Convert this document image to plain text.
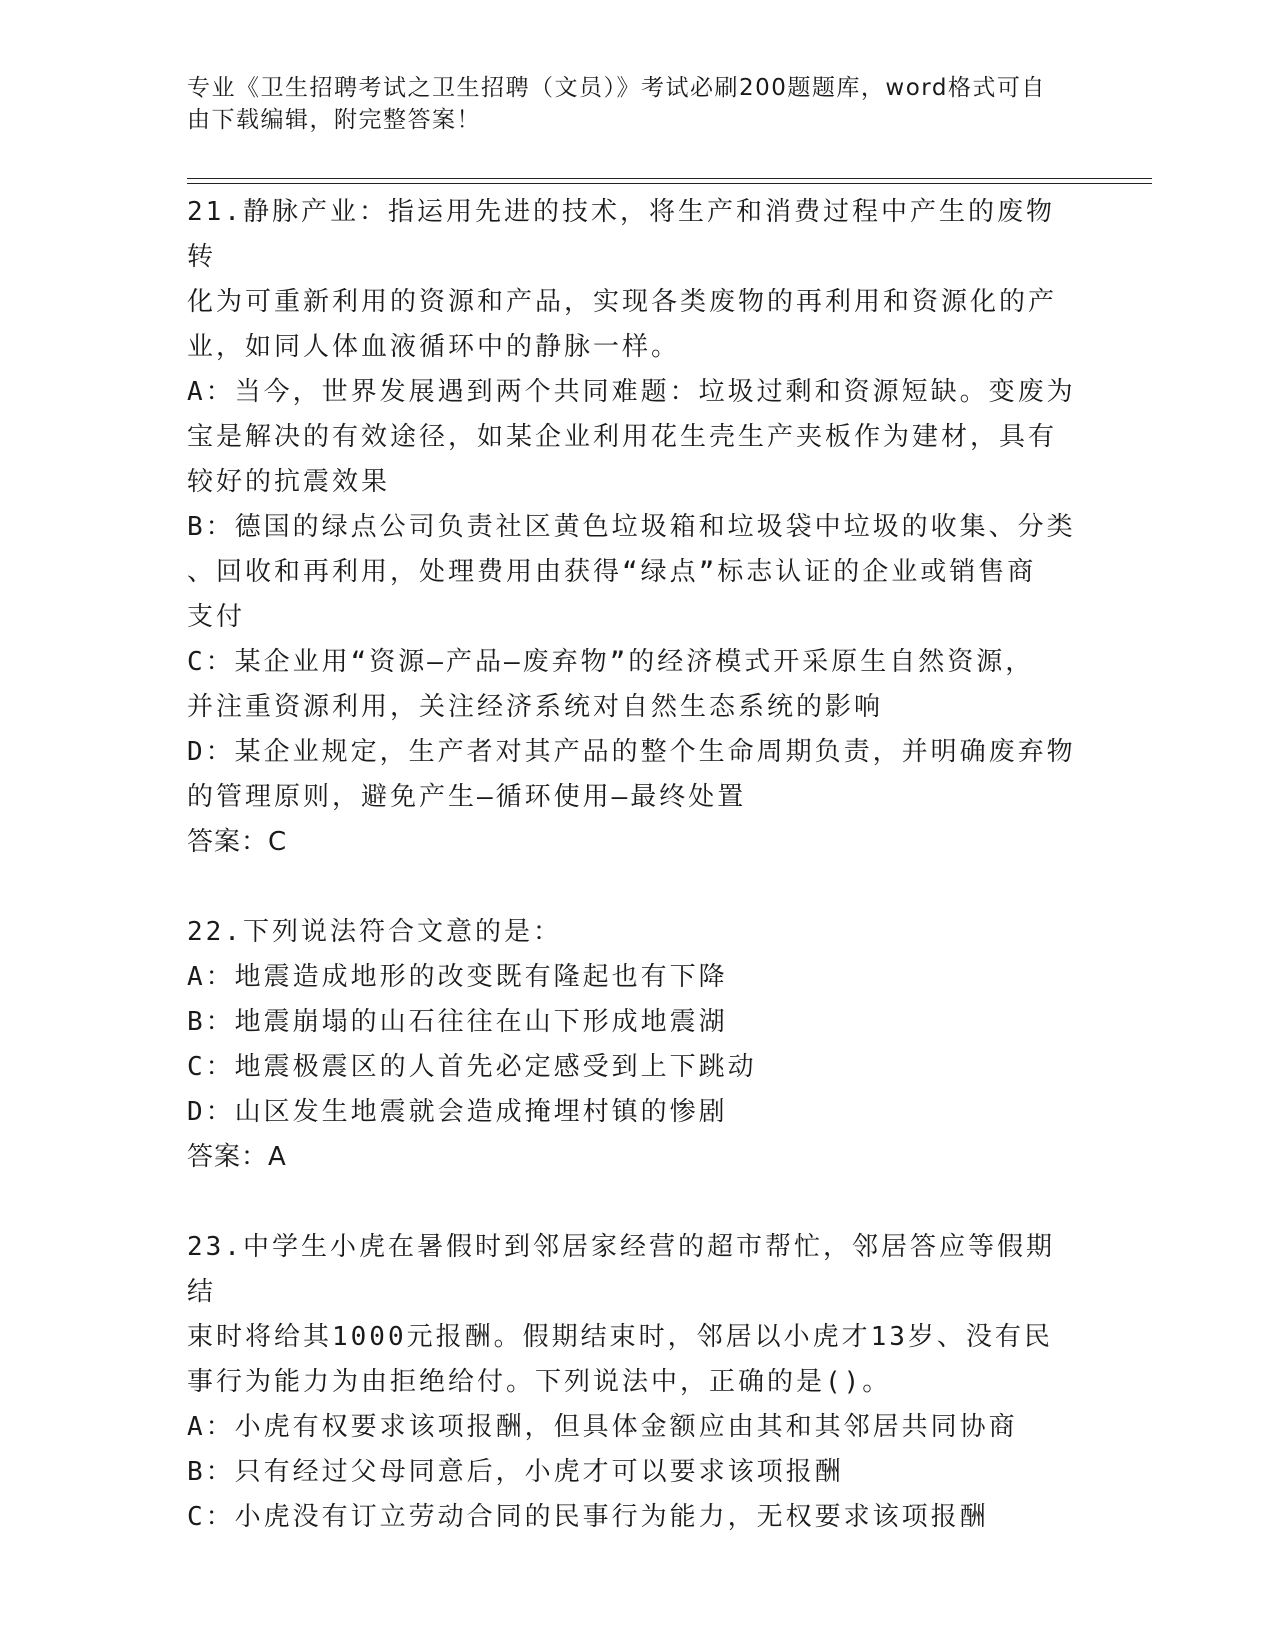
专业《卫生招聘考试之卫生招聘（文员）》考试必刷200题题库，word格式可自
由下载编辑，附完整答案！
21.静脉产业：指运用先进的技术，将生产和消费过程中产生的废物转
化为可重新利用的资源和产品，实现各类废物的再利用和资源化的产
业，如同人体血液循环中的静脉一样。
A：当今，世界发展遇到两个共同难题：垃圾过剩和资源短缺。变废为
宝是解决的有效途径，如某企业利用花生壳生产夹板作为建材，具有
较好的抗震效果
B：德国的绿点公司负责社区黄色垃圾箱和垃圾袋中垃圾的收集、分类
、回收和再利用，处理费用由获得“绿点”标志认证的企业或销售商
支付
C：某企业用“资源—产品—废弃物”的经济模式开采原生自然资源，
并注重资源利用，关注经济系统对自然生态系统的影响
D：某企业规定，生产者对其产品的整个生命周期负责，并明确废弃物
的管理原则，避免产生—循环使用—最终处置
答案：C
22.下列说法符合文意的是：
A：地震造成地形的改变既有隆起也有下降
B：地震崩塌的山石往往在山下形成地震湖
C：地震极震区的人首先必定感受到上下跳动
D：山区发生地震就会造成掩埋村镇的惨剧
答案：A
23.中学生小虎在暑假时到邻居家经营的超市帮忙，邻居答应等假期结
束时将给其1000元报酬。假期结束时，邻居以小虎才13岁、没有民
事行为能力为由拒绝给付。下列说法中，正确的是()。
A：小虎有权要求该项报酬，但具体金额应由其和其邻居共同协商
B：只有经过父母同意后，小虎才可以要求该项报酬
C：小虎没有订立劳动合同的民事行为能力，无权要求该项报酬
